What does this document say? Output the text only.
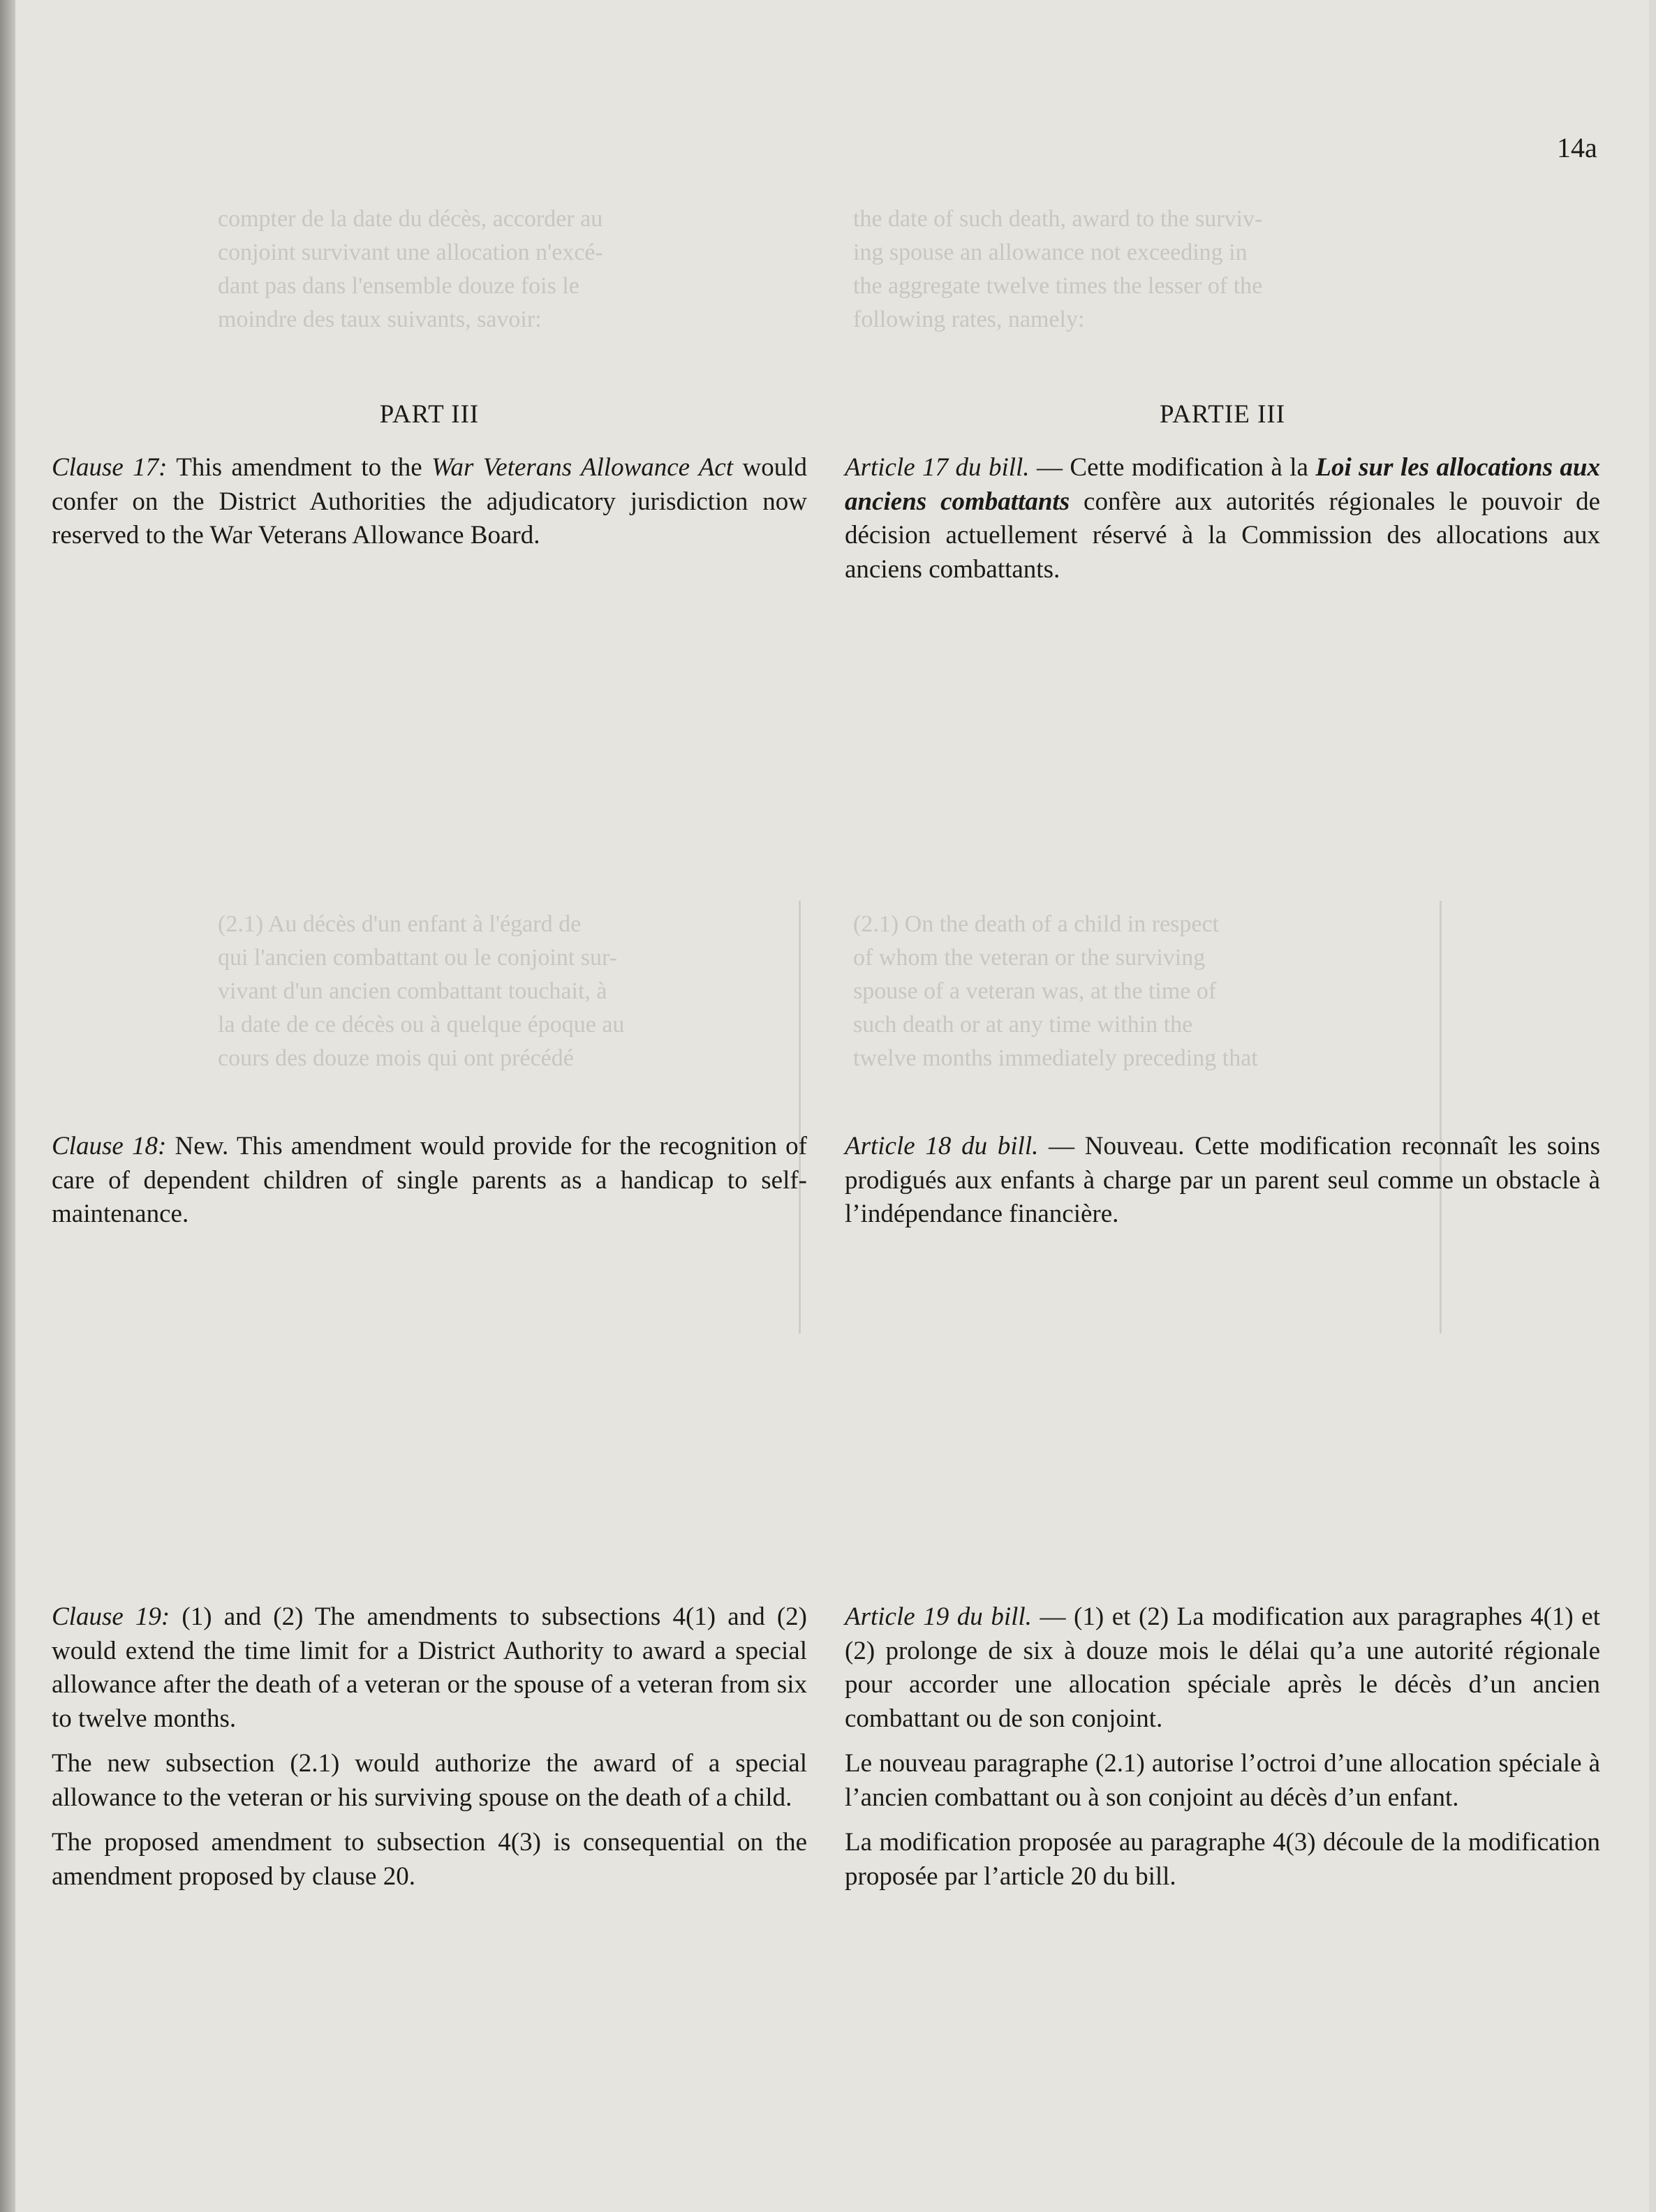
compter de la date du décès, accorder au
conjoint survivant une allocation n'excé-
dant pas dans l'ensemble douze fois le
moindre des taux suivants, savoir:
the date of such death, award to the surviv-
ing spouse an allowance not exceeding in
the aggregate twelve times the lesser of the
following rates, namely:
(2.1) Au décès d'un enfant à l'égard de
qui l'ancien combattant ou le conjoint sur-
vivant d'un ancien combattant touchait, à
la date de ce décès ou à quelque époque au
cours des douze mois qui ont précédé
(2.1) On the death of a child in respect
of whom the veteran or the surviving
spouse of a veteran was, at the time of
such death or at any time within the
twelve months immediately preceding that
14a
PART III	PARTIE III

Clause 17: This amendment to the War Veterans Allowance Act would confer on the District Authorities the adjudicatory jurisdiction now reserved to the War Veterans Allowance Board.

Clause 18: New. This amendment would provide for the recognition of care of dependent children of single parents as a handicap to self-maintenance.

Clause 19: (1) and (2) The amendments to subsections 4(1) and (2) would extend the time limit for a District Authority to award a special allowance after the death of a veteran or the spouse of a veteran from six to twelve months.

The new subsection (2.1) would authorize the award of a special allowance to the veteran or his surviving spouse on the death of a child.

The proposed amendment to subsection 4(3) is consequential on the amendment proposed by clause 20.

Article 17 du bill. — Cette modification à la Loi sur les allocations aux anciens combattants confère aux autorités régionales le pouvoir de décision actuellement réservé à la Commission des allocations aux anciens combattants.

Article 18 du bill. — Nouveau. Cette modification reconnaît les soins prodigués aux enfants à charge par un parent seul comme un obstacle à l’indépendance financière.

Article 19 du bill. — (1) et (2) La modification aux paragraphes 4(1) et (2) prolonge de six à douze mois le délai qu’a une autorité régionale pour accorder une allocation spéciale après le décès d’un ancien combattant ou de son conjoint.

Le nouveau paragraphe (2.1) autorise l’octroi d’une allocation spéciale à l’ancien combattant ou à son conjoint au décès d’un enfant.

La modification proposée au paragraphe 4(3) découle de la modification proposée par l’article 20 du bill.
